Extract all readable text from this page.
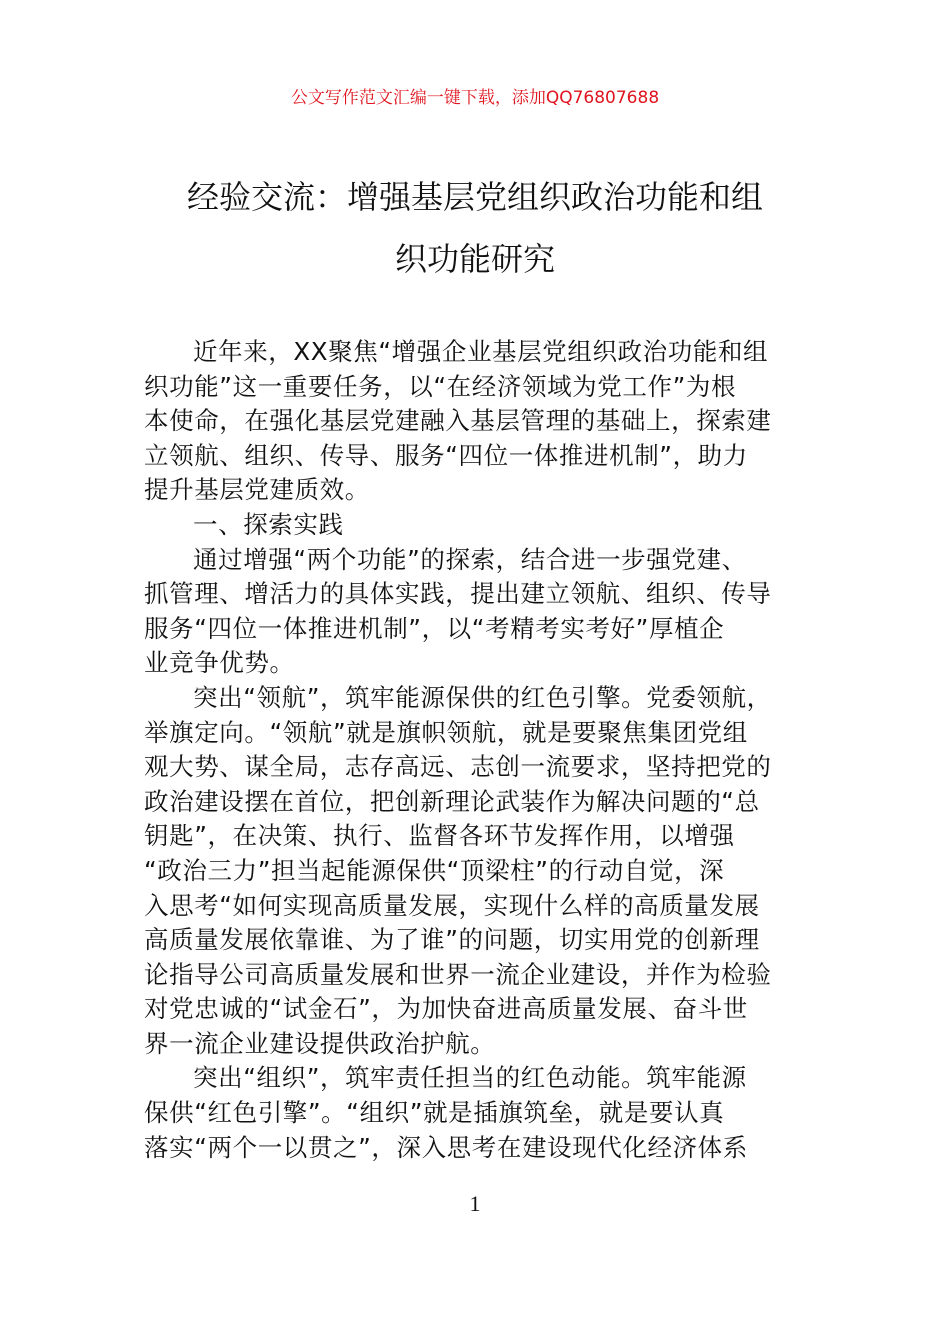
公文写作范文汇编一键下载，添加QQ76807688
经验交流：增强基层党组织政治功能和组
织功能研究
近年来，XX聚焦“增强企业基层党组织政治功能和组
织功能”这一重要任务，以“在经济领域为党工作”为根
本使命，在强化基层党建融入基层管理的基础上，探索建
立领航、组织、传导、服务“四位一体推进机制”，助力
提升基层党建质效。
一、探索实践
通过增强“两个功能”的探索，结合进一步强党建、
抓管理、增活力的具体实践，提出建立领航、组织、传导
服务“四位一体推进机制”，以“考精考实考好”厚植企
业竞争优势。
突出“领航”，筑牢能源保供的红色引擎。党委领航，
举旗定向。“领航”就是旗帜领航，就是要聚焦集团党组
观大势、谋全局，志存高远、志创一流要求，坚持把党的
政治建设摆在首位，把创新理论武装作为解决问题的“总
钥匙”，在决策、执行、监督各环节发挥作用，以增强
“政治三力”担当起能源保供“顶梁柱”的行动自觉，深
入思考“如何实现高质量发展，实现什么样的高质量发展
高质量发展依靠谁、为了谁”的问题，切实用党的创新理
论指导公司高质量发展和世界一流企业建设，并作为检验
对党忠诚的“试金石”，为加快奋进高质量发展、奋斗世
界一流企业建设提供政治护航。
突出“组织”，筑牢责任担当的红色动能。筑牢能源
保供“红色引擎”。“组织”就是插旗筑垒，就是要认真
落实“两个一以贯之”，深入思考在建设现代化经济体系
1
